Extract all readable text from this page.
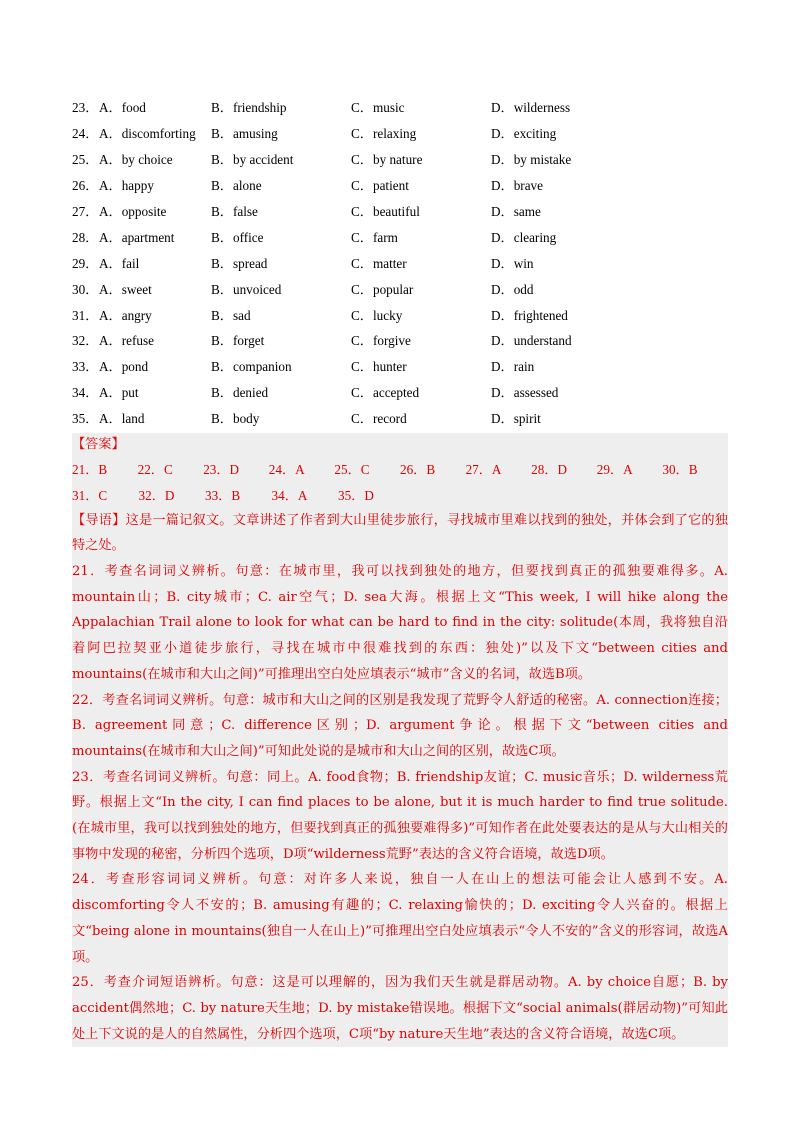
23． A．food	B．friendship	C．music	D．wilderness
24． A．discomforting	B．amusing	C．relaxing	D．exciting
25． A．by choice	B．by accident	C．by nature	D．by mistake
26． A．happy	B．alone	C．patient	D．brave
27． A．opposite	B．false	C．beautiful	D．same
28． A．apartment	B．office	C．farm	D．clearing
29． A．fail	B．spread	C．matter	D．win
30． A．sweet	B．unvoiced	C．popular	D．odd
31． A．angry	B．sad	C．lucky	D．frightened
32． A．refuse	B．forget	C．forgive	D．understand
33． A．pond	B．companion	C．hunter	D．rain
34． A．put	B．denied	C．accepted	D．assessed
35． A．land	B．body	C．record	D．spirit
【答案】
21．B	22．C	23．D	24．A	25．C	26．B	27．A	28．D	29．A	30．B
31．C	32．D	33．B	34．A	35．D

【导语】这是一篇记叙文。文章讲述了作者到大山里徒步旅行，寻找城市里难以找到的独处，并体会到了它的独特之处。

21．考查名词词义辨析。句意：在城市里，我可以找到独处的地方，但要找到真正的孤独要难得多。A. mountain山；B. city城市；C. air空气；D. sea大海。根据上文“This week, I will hike along the Appalachian Trail alone to look for what can be hard to find in the city: solitude(本周，我将独自沿着阿巴拉契亚小道徒步旅行，寻找在城市中很难找到的东西：独处)”以及下文“between cities and mountains(在城市和大山之间)”可推理出空白处应填表示“城市”含义的名词，故选B项。

22．考查名词词义辨析。句意：城市和大山之间的区别是我发现了荒野令人舒适的秘密。A. connection连接；B. agreement同意；C. difference区别；D. argument争论。根据下文“between cities and mountains(在城市和大山之间)”可知此处说的是城市和大山之间的区别，故选C项。

23．考查名词词义辨析。句意：同上。A. food食物；B. friendship友谊；C. music音乐；D. wilderness荒野。根据上文“In the city, I can find places to be alone, but it is much harder to find true solitude.(在城市里，我可以找到独处的地方，但要找到真正的孤独要难得多)”可知作者在此处要表达的是从与大山相关的事物中发现的秘密，分析四个选项，D项“wilderness荒野”表达的含义符合语境，故选D项。

24．考查形容词词义辨析。句意：对许多人来说，独自一人在山上的想法可能会让人感到不安。A. discomforting令人不安的；B. amusing有趣的；C. relaxing愉快的；D. exciting令人兴奋的。根据上文“being alone in mountains(独自一人在山上)”可推理出空白处应填表示“令人不安的”含义的形容词，故选A项。

25．考查介词短语辨析。句意：这是可以理解的，因为我们天生就是群居动物。A. by choice自愿；B. by accident偶然地；C. by nature天生地；D. by mistake错误地。根据下文“social animals(群居动物)”可知此处上下文说的是人的自然属性，分析四个选项，C项“by nature天生地”表达的含义符合语境，故选C项。
